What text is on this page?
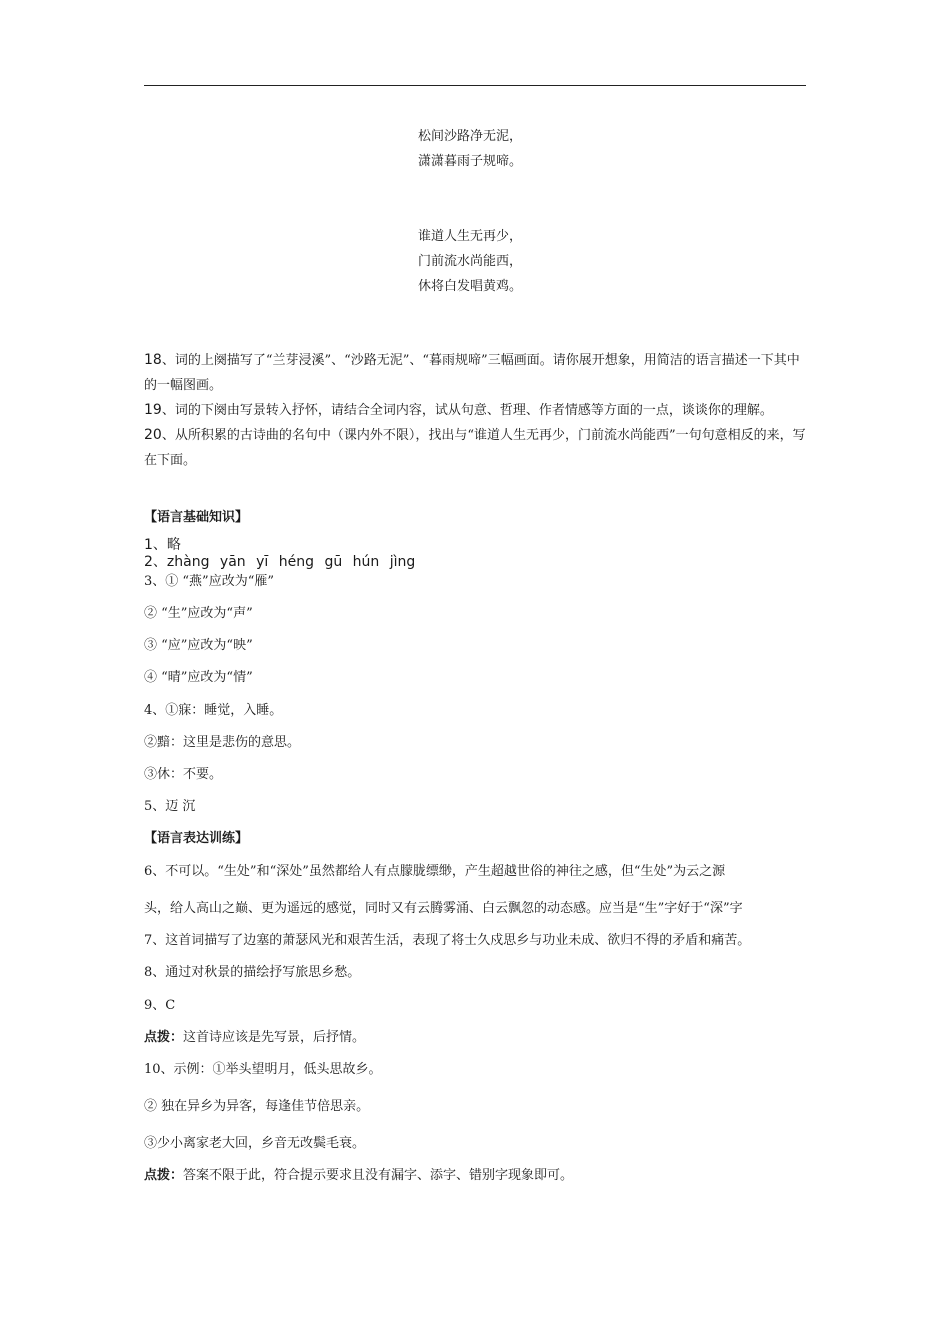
松间沙路净无泥，
潇潇暮雨子规啼。
谁道人生无再少，
门前流水尚能西，
休将白发唱黄鸡。
18、词的上阕描写了“兰芽浸溪”、“沙路无泥”、“暮雨规啼”三幅画面。请你展开想象，用简洁的语言描述一下其中的一幅图画。
19、词的下阕由写景转入抒怀，请结合全词内容，试从句意、哲理、作者情感等方面的一点，谈谈你的理解。
20、从所积累的古诗曲的名句中（课内外不限），找出与“谁道人生无再少，门前流水尚能西”一句句意相反的来，写在下面。
【语言基础知识】
1、略
2、zhàng yān yī héng gū hún jìng
3、① “燕”应改为“雁”
② “生”应改为“声”
③ “应”应改为“映”
④ “晴”应改为“情”
4、①寐：睡觉，入睡。
②黯：这里是悲伤的意思。
③休：不要。
5、迈 沉
【语言表达训练】
6、不可以。“生处”和“深处”虽然都给人有点朦胧缥缈，产生超越世俗的神往之感，但“生处”为云之源
头，给人高山之巅、更为遥远的感觉，同时又有云腾雾涌、白云飘忽的动态感。应当是“生”字好于“深”字
7、这首词描写了边塞的萧瑟风光和艰苦生活，表现了将士久戍思乡与功业未成、欲归不得的矛盾和痛苦。
8、通过对秋景的描绘抒写旅思乡愁。
9、C
点拨：这首诗应该是先写景，后抒情。
10、示例：①举头望明月，低头思故乡。
② 独在异乡为异客，每逢佳节倍思亲。
③少小离家老大回，乡音无改鬓毛衰。
点拨：答案不限于此，符合提示要求且没有漏字、添字、错别字现象即可。
